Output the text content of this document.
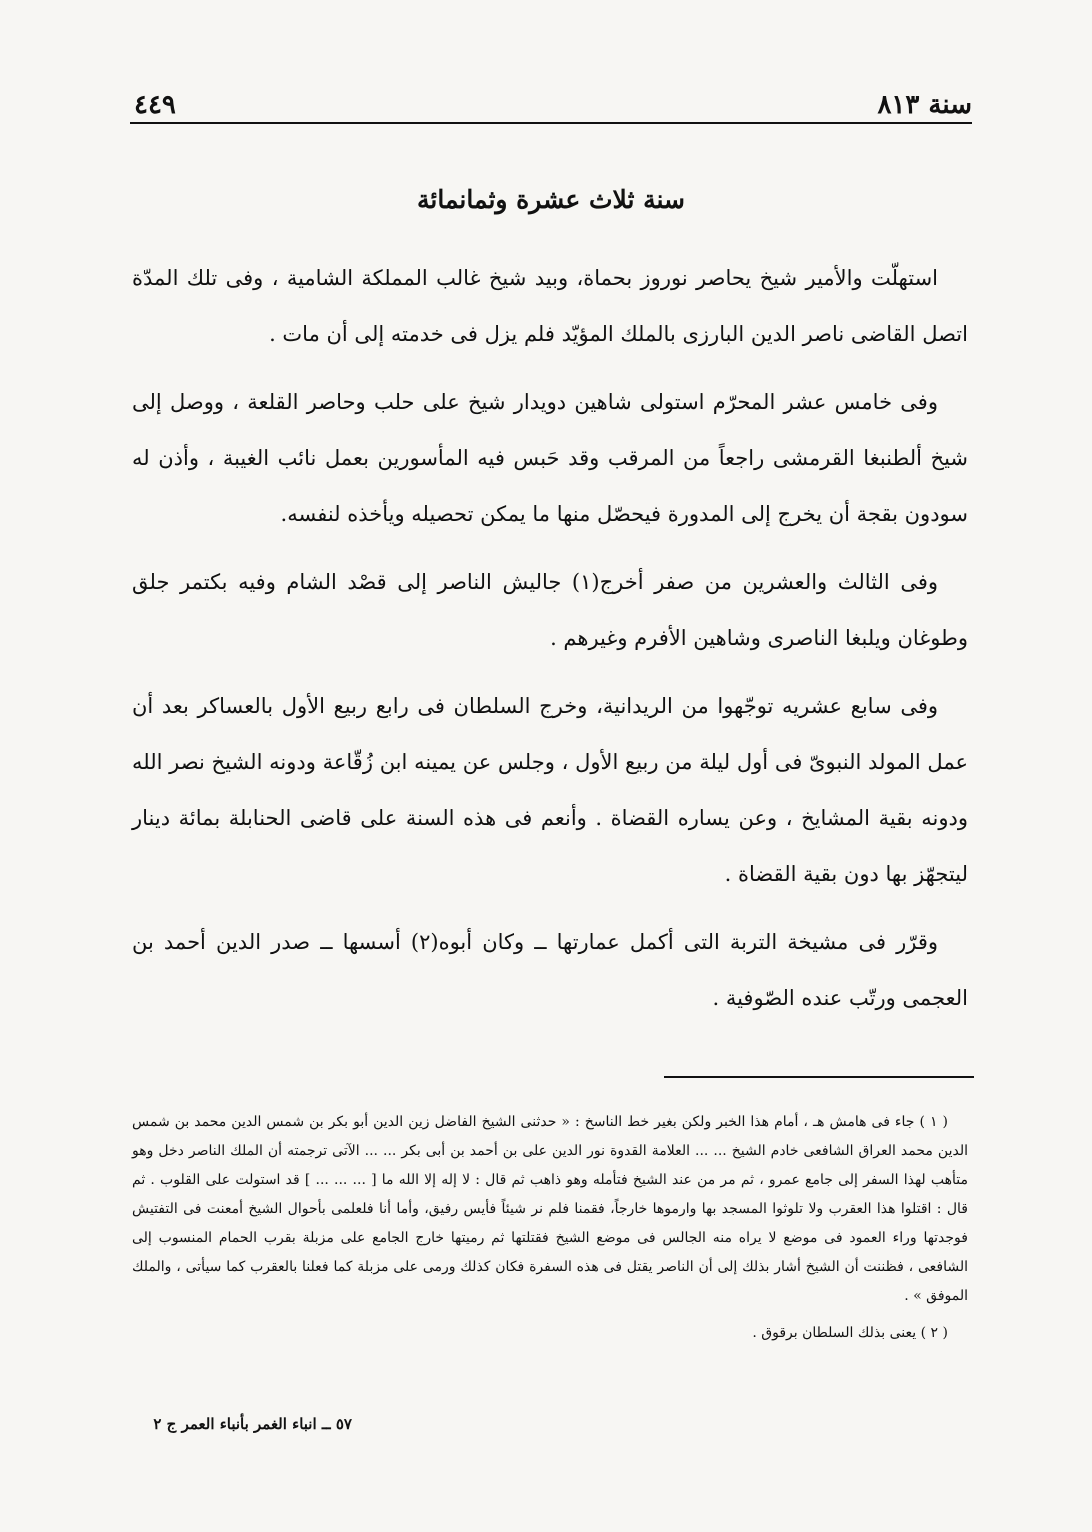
سنة ٨١٣
٤٤٩
سنة ثلاث عشرة وثمانمائة

استهلّت والأمير شيخ يحاصر نوروز بحماة، وبيد شيخ غالب المملكة الشامية ، وفى تلك المدّة اتصل القاضى ناصر الدين البارزى بالملك المؤيّد فلم يزل فى خدمته إلى أن مات .

وفى خامس عشر المحرّم استولى شاهين دويدار شيخ على حلب وحاصر القلعة ، ووصل إلى شيخ ألطنبغا القرمشى راجعاً من المرقب وقد حَبس فيه المأسورين بعمل نائب الغيبة ، وأذن له سودون بقجة أن يخرج إلى المدورة فيحصّل منها ما يمكن تحصيله ويأخذه لنفسه.

وفى الثالث والعشرين من صفر أخرج(١) جاليش الناصر إلى قصْد الشام وفيه بكتمر جلق وطوغان ويلبغا الناصرى وشاهين الأفرم وغيرهم .

وفى سابع عشريه توجّهوا من الريدانية، وخرج السلطان فى رابع ربيع الأول بالعساكر بعد أن عمل المولد النبوىّ فى أول ليلة من ربيع الأول ، وجلس عن يمينه ابن زُقّاعة ودونه الشيخ نصر الله ودونه بقية المشايخ ، وعن يساره القضاة . وأنعم فى هذه السنة على قاضى الحنابلة بمائة دينار ليتجهّز بها دون بقية القضاة .

وقرّر فى مشيخة التربة التى أكمل عمارتها ــ وكان أبوه(٢) أسسها ــ صدر الدين أحمد بن العجمى ورتّب عنده الصّوفية .

( ١ ) جاء فى هامش هـ ، أمام هذا الخبر ولكن بغير خط الناسخ : « حدثنى الشيخ الفاضل زين الدين أبو بكر بن شمس الدين محمد بن شمس الدين محمد العراق الشافعى خادم الشيخ ... ... العلامة القدوة نور الدين على بن أحمد بن أبى بكر ... ... الآتى ترجمته أن الملك الناصر دخل وهو متأهب لهذا السفر إلى جامع عمرو ، ثم مر من عند الشيخ فتأمله وهو ذاهب ثم قال : لا إله إلا الله ما [ ... ... ... ] قد استولت على القلوب . ثم قال : اقتلوا هذا العقرب ولا تلوثوا المسجد بها وارموها خارجاً، فقمنا فلم نر شيئاً فأيس رفيق، وأما أنا فلعلمى بأحوال الشيخ أمعنت فى التفتيش فوجدتها وراء العمود فى موضع لا يراه منه الجالس فى موضع الشيخ فقتلتها ثم رميتها خارج الجامع على مزبلة بقرب الحمام المنسوب إلى الشافعى ، فظننت أن الشيخ أشار بذلك إلى أن الناصر يقتل فى هذه السفرة فكان كذلك ورمى على مزبلة كما فعلنا بالعقرب كما سيأتى ، والملك الموفق » .

( ٢ ) يعنى بذلك السلطان برقوق .

٥٧ ــ انباء الغمر بأنباء العمر ج ٢
